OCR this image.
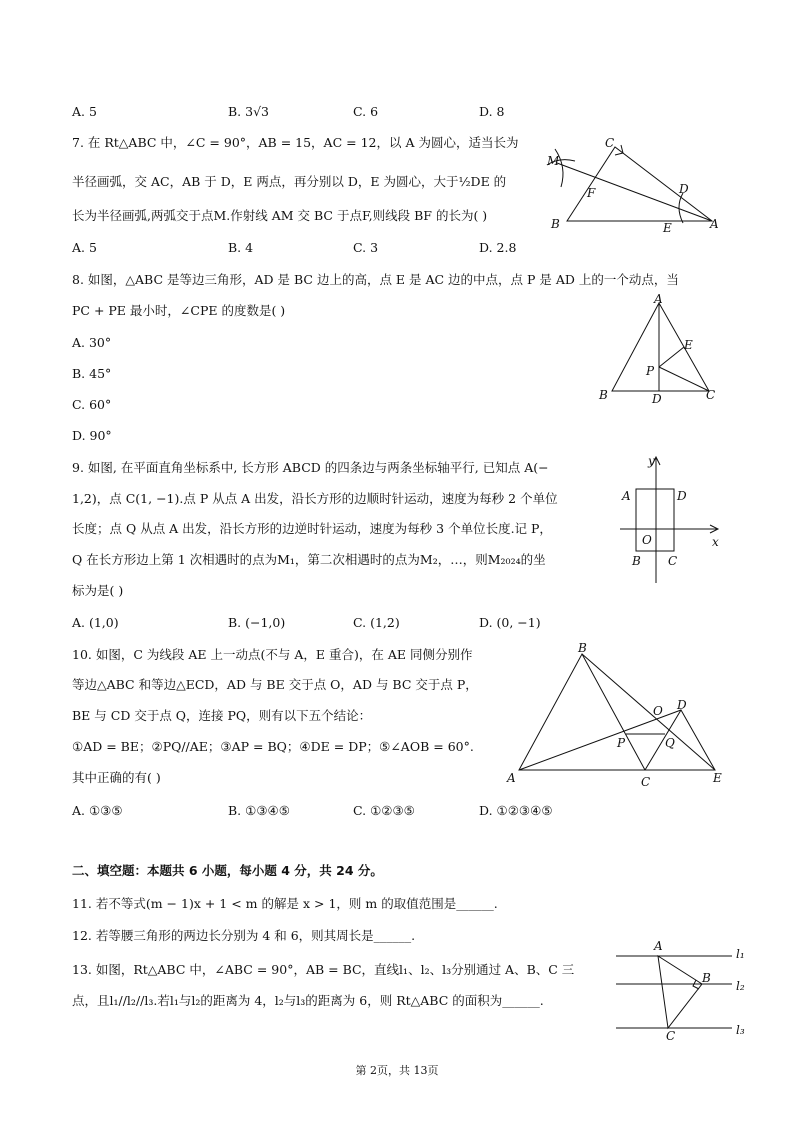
A. 5	B. 3√3	C. 6	D. 8
7. 在 Rt△ABC 中，∠C = 90°，AB = 15，AC = 12，以 A 为圆心，适当长为
半径画弧，交 AC，AB 于 D，E 两点，再分别以 D，E 为圆心，大于½DE 的
长为半径画弧,两弧交于点M.作射线 AM 交 BC 于点F,则线段 BF 的长为( )
A. 5	B. 4	C. 3	D. 2.8
M
C
F	D
B	E	A
8. 如图，△ABC 是等边三角形，AD 是 BC 边上的高，点 E 是 AC 边的中点，点 P 是 AD 上的一个动点，当
PC + PE 最小时，∠CPE 的度数是( )
A. 30°
B. 45°
C. 60°
D. 90°
A
E
P
B	D	C
9. 如图, 在平面直角坐标系中, 长方形 ABCD 的四条边与两条坐标轴平行, 已知点 A(−
1,2)，点 C(1, −1).点 P 从点 A 出发，沿长方形的边顺时针运动，速度为每秒 2 个单位
长度；点 Q 从点 A 出发，沿长方形的边逆时针运动，速度为每秒 3 个单位长度.记 P，
Q 在长方形边上第 1 次相遇时的点为M₁，第二次相遇时的点为M₂，…，则M₂₀₂₄的坐
标为是( )
A. (1,0)	B. (−1,0)	C. (1,2)	D. (0, −1)
y
A	D
O	x
B C
10. 如图，C 为线段 AE 上一动点(不与 A，E 重合)，在 AE 同侧分别作
等边△ABC 和等边△ECD，AD 与 BE 交于点 O，AD 与 BC 交于点 P，
BE 与 CD 交于点 Q，连接 PQ，则有以下五个结论：
①AD = BE；②PQ//AE；③AP = BQ；④DE = DP；⑤∠AOB = 60°.
其中正确的有( )
A. ①③⑤	B. ①③④⑤	C. ①②③⑤	D. ①②③④⑤
B
O D
P	Q
A	C	E
二、填空题：本题共 6 小题，每小题 4 分，共 24 分。
11. 若不等式(m − 1)x + 1 < m 的解是 x > 1，则 m 的取值范围是______.
12. 若等腰三角形的两边长分别为 4 和 6，则其周长是______.
13. 如图，Rt△ABC 中，∠ABC = 90°，AB = BC，直线l₁、l₂、l₃分别通过 A、B、C 三
点，且l₁//l₂//l₃.若l₁与l₂的距离为 4，l₂与l₃的距离为 6，则 Rt△ABC 的面积为______.
A
l₁
B
l₂
C	l₃
第 2页，共 13页
